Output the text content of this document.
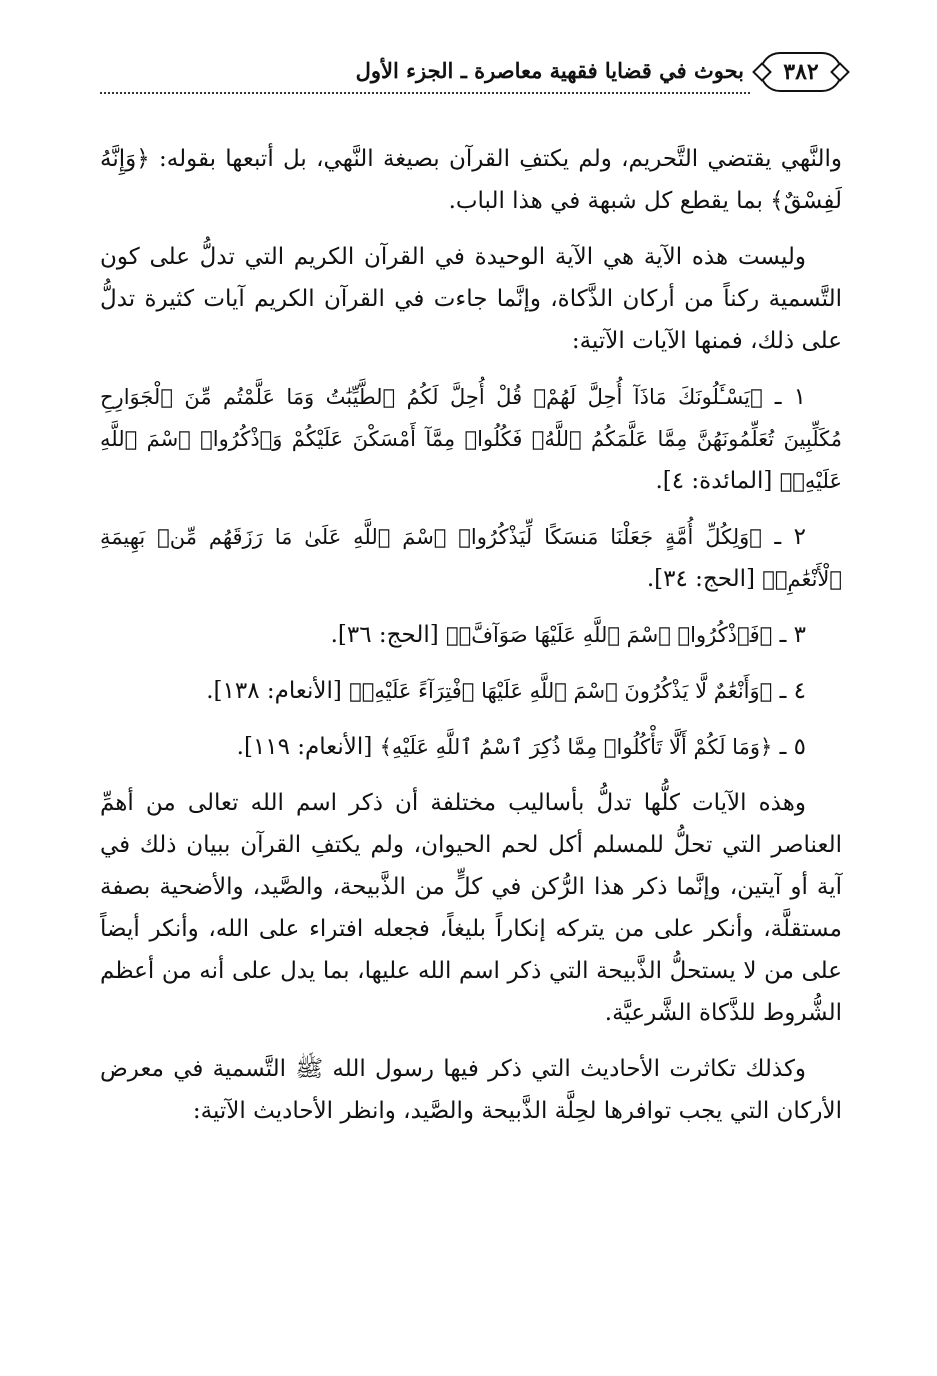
٣٨٢
بحوث في قضايا فقهية معاصرة ـ الجزء الأول

والنَّهي يقتضي التَّحريم، ولم يكتفِ القرآن بصيغة النَّهي، بل أتبعها بقوله: ﴿وَإِنَّهُ لَفِسْقٌ﴾ بما يقطع كل شبهة في هذا الباب.

وليست هذه الآية هي الآية الوحيدة في القرآن الكريم التي تدلُّ على كون التَّسمية ركناً من أركان الذَّكاة، وإنَّما جاءت في القرآن الكريم آيات كثيرة تدلُّ على ذلك، فمنها الآيات الآتية:

١ ـ ﴿يَسْـَٔلُونَكَ مَاذَآ أُحِلَّ لَهُمْۖ قُلْ أُحِلَّ لَكُمُ ٱلطَّيِّبَٰتُ وَمَا عَلَّمْتُم مِّنَ ٱلْجَوَارِحِ مُكَلِّبِينَ تُعَلِّمُونَهُنَّ مِمَّا عَلَّمَكُمُ ٱللَّهُۖ فَكُلُوا۟ مِمَّآ أَمْسَكْنَ عَلَيْكُمْ وَٱذْكُرُوا۟ ٱسْمَ ٱللَّهِ عَلَيْهِۖ﴾ [المائدة: ٤].

٢ ـ ﴿وَلِكُلِّ أُمَّةٍ جَعَلْنَا مَنسَكًا لِّيَذْكُرُوا۟ ٱسْمَ ٱللَّهِ عَلَىٰ مَا رَزَقَهُم مِّنۢ بَهِيمَةِ ٱلْأَنْعَٰمِۗ﴾ [الحج: ٣٤].

٣ ـ ﴿فَٱذْكُرُوا۟ ٱسْمَ ٱللَّهِ عَلَيْهَا صَوَآفَّۖ﴾ [الحج: ٣٦].

٤ ـ ﴿وَأَنْعَٰمٌ لَّا يَذْكُرُونَ ٱسْمَ ٱللَّهِ عَلَيْهَا ٱفْتِرَآءً عَلَيْهِۚ﴾ [الأنعام: ١٣٨].

٥ ـ ﴿وَمَا لَكُمْ أَلَّا تَأْكُلُوا۟ مِمَّا ذُكِرَ ٱسْمُ ٱللَّهِ عَلَيْهِ﴾ [الأنعام: ١١٩].

وهذه الآيات كلُّها تدلُّ بأساليب مختلفة أن ذكر اسم الله تعالى من أهمِّ العناصر التي تحلُّ للمسلم أكل لحم الحيوان، ولم يكتفِ القرآن ببيان ذلك في آية أو آيتين، وإنَّما ذكر هذا الرُّكن في كلٍّ من الذَّبيحة، والصَّيد، والأضحية بصفة مستقلَّة، وأنكر على من يتركه إنكاراً بليغاً، فجعله افتراء على الله، وأنكر أيضاً على من لا يستحلُّ الذَّبيحة التي ذكر اسم الله عليها، بما يدل على أنه من أعظم الشُّروط للذَّكاة الشَّرعيَّة.

وكذلك تكاثرت الأحاديث التي ذكر فيها رسول الله ﷺ التَّسمية في معرض الأركان التي يجب توافرها لحِلَّة الذَّبيحة والصَّيد، وانظر الأحاديث الآتية:
